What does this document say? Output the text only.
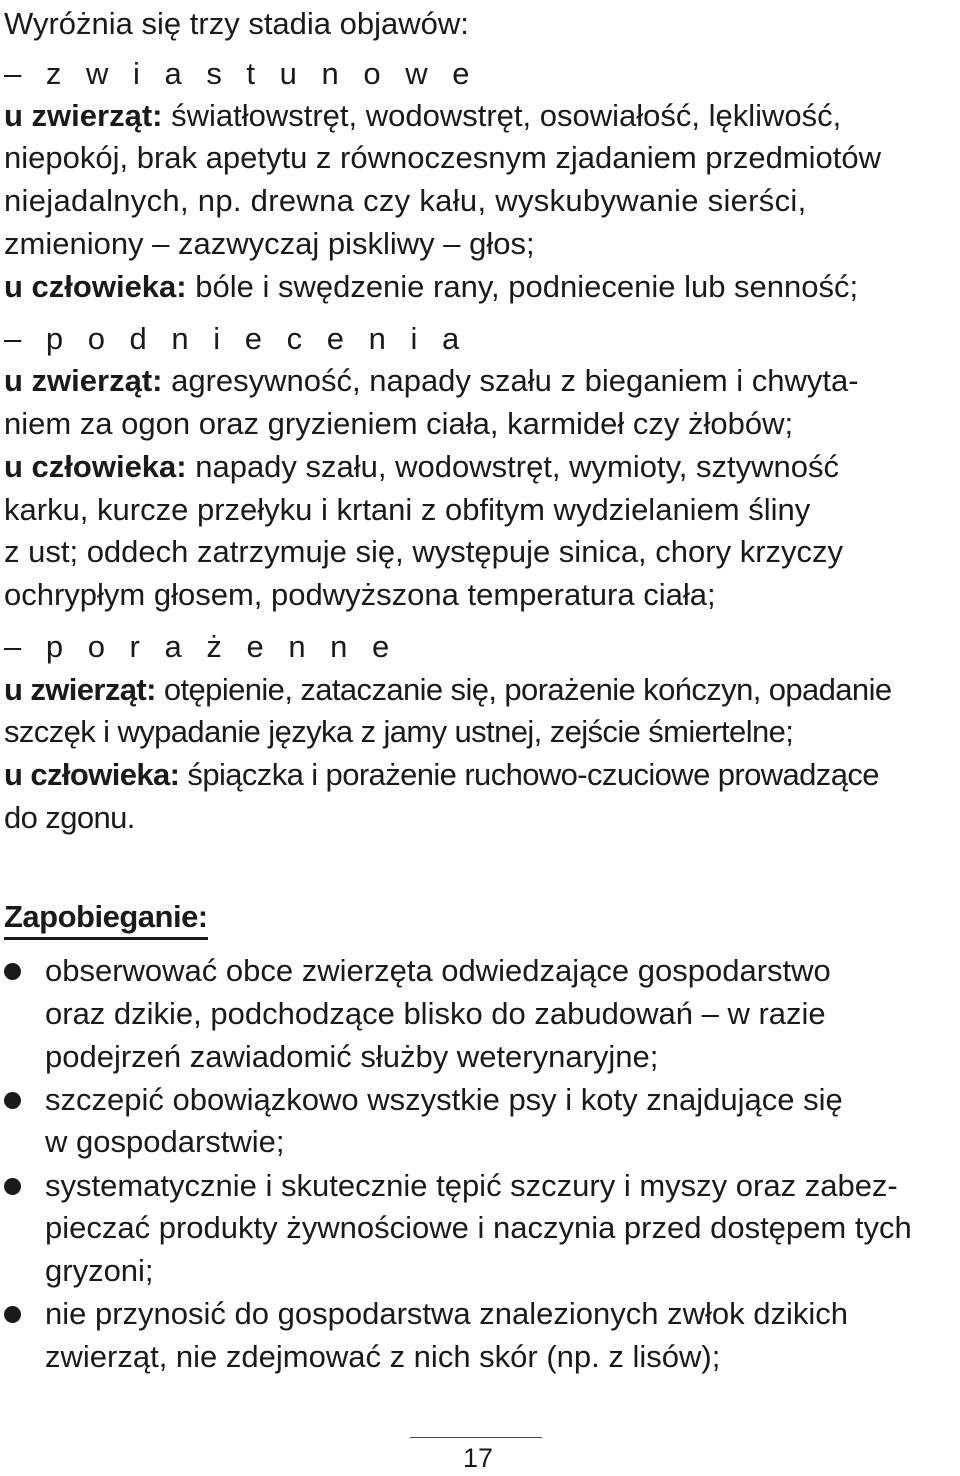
Wyróżnia się trzy stadia objawów:
– z w i a s t u n o w e
u zwierząt: światłowstręt, wodowstręt, osowiałość, lękliwość,
niepokój, brak apetytu z równoczesnym zjadaniem przedmiotów
niejadalnych, np. drewna czy kału, wyskubywanie sierści,
zmieniony – zazwyczaj piskliwy – głos;
u człowieka: bóle i swędzenie rany, podniecenie lub senność;
– p o d n i e c e n i a
u zwierząt: agresywność, napady szału z bieganiem i chwyta-
niem za ogon oraz gryzieniem ciała, karmideł czy żłobów;
u człowieka: napady szału, wodowstręt, wymioty, sztywność
karku, kurcze przełyku i krtani z obfitym wydzielaniem śliny
z ust; oddech zatrzymuje się, występuje sinica, chory krzyczy
ochrypłym głosem, podwyższona temperatura ciała;
– p o r a ż e n n e
u zwierząt: otępienie, zataczanie się, porażenie kończyn, opadanie
szczęk i wypadanie języka z jamy ustnej, zejście śmiertelne;
u człowieka: śpiączka i porażenie ruchowo-czuciowe prowadzące
do zgonu.
Zapobieganie:
obserwować obce zwierzęta odwiedzające gospodarstwo
oraz dzikie, podchodzące blisko do zabudowań – w razie
podejrzeń zawiadomić służby weterynaryjne;
szczepić obowiązkowo wszystkie psy i koty znajdujące się
w gospodarstwie;
systematycznie i skutecznie tępić szczury i myszy oraz zabez-
pieczać produkty żywnościowe i naczynia przed dostępem tych
gryzoni;
nie przynosić do gospodarstwa znalezionych zwłok dzikich
zwierząt, nie zdejmować z nich skór (np. z lisów);
17
